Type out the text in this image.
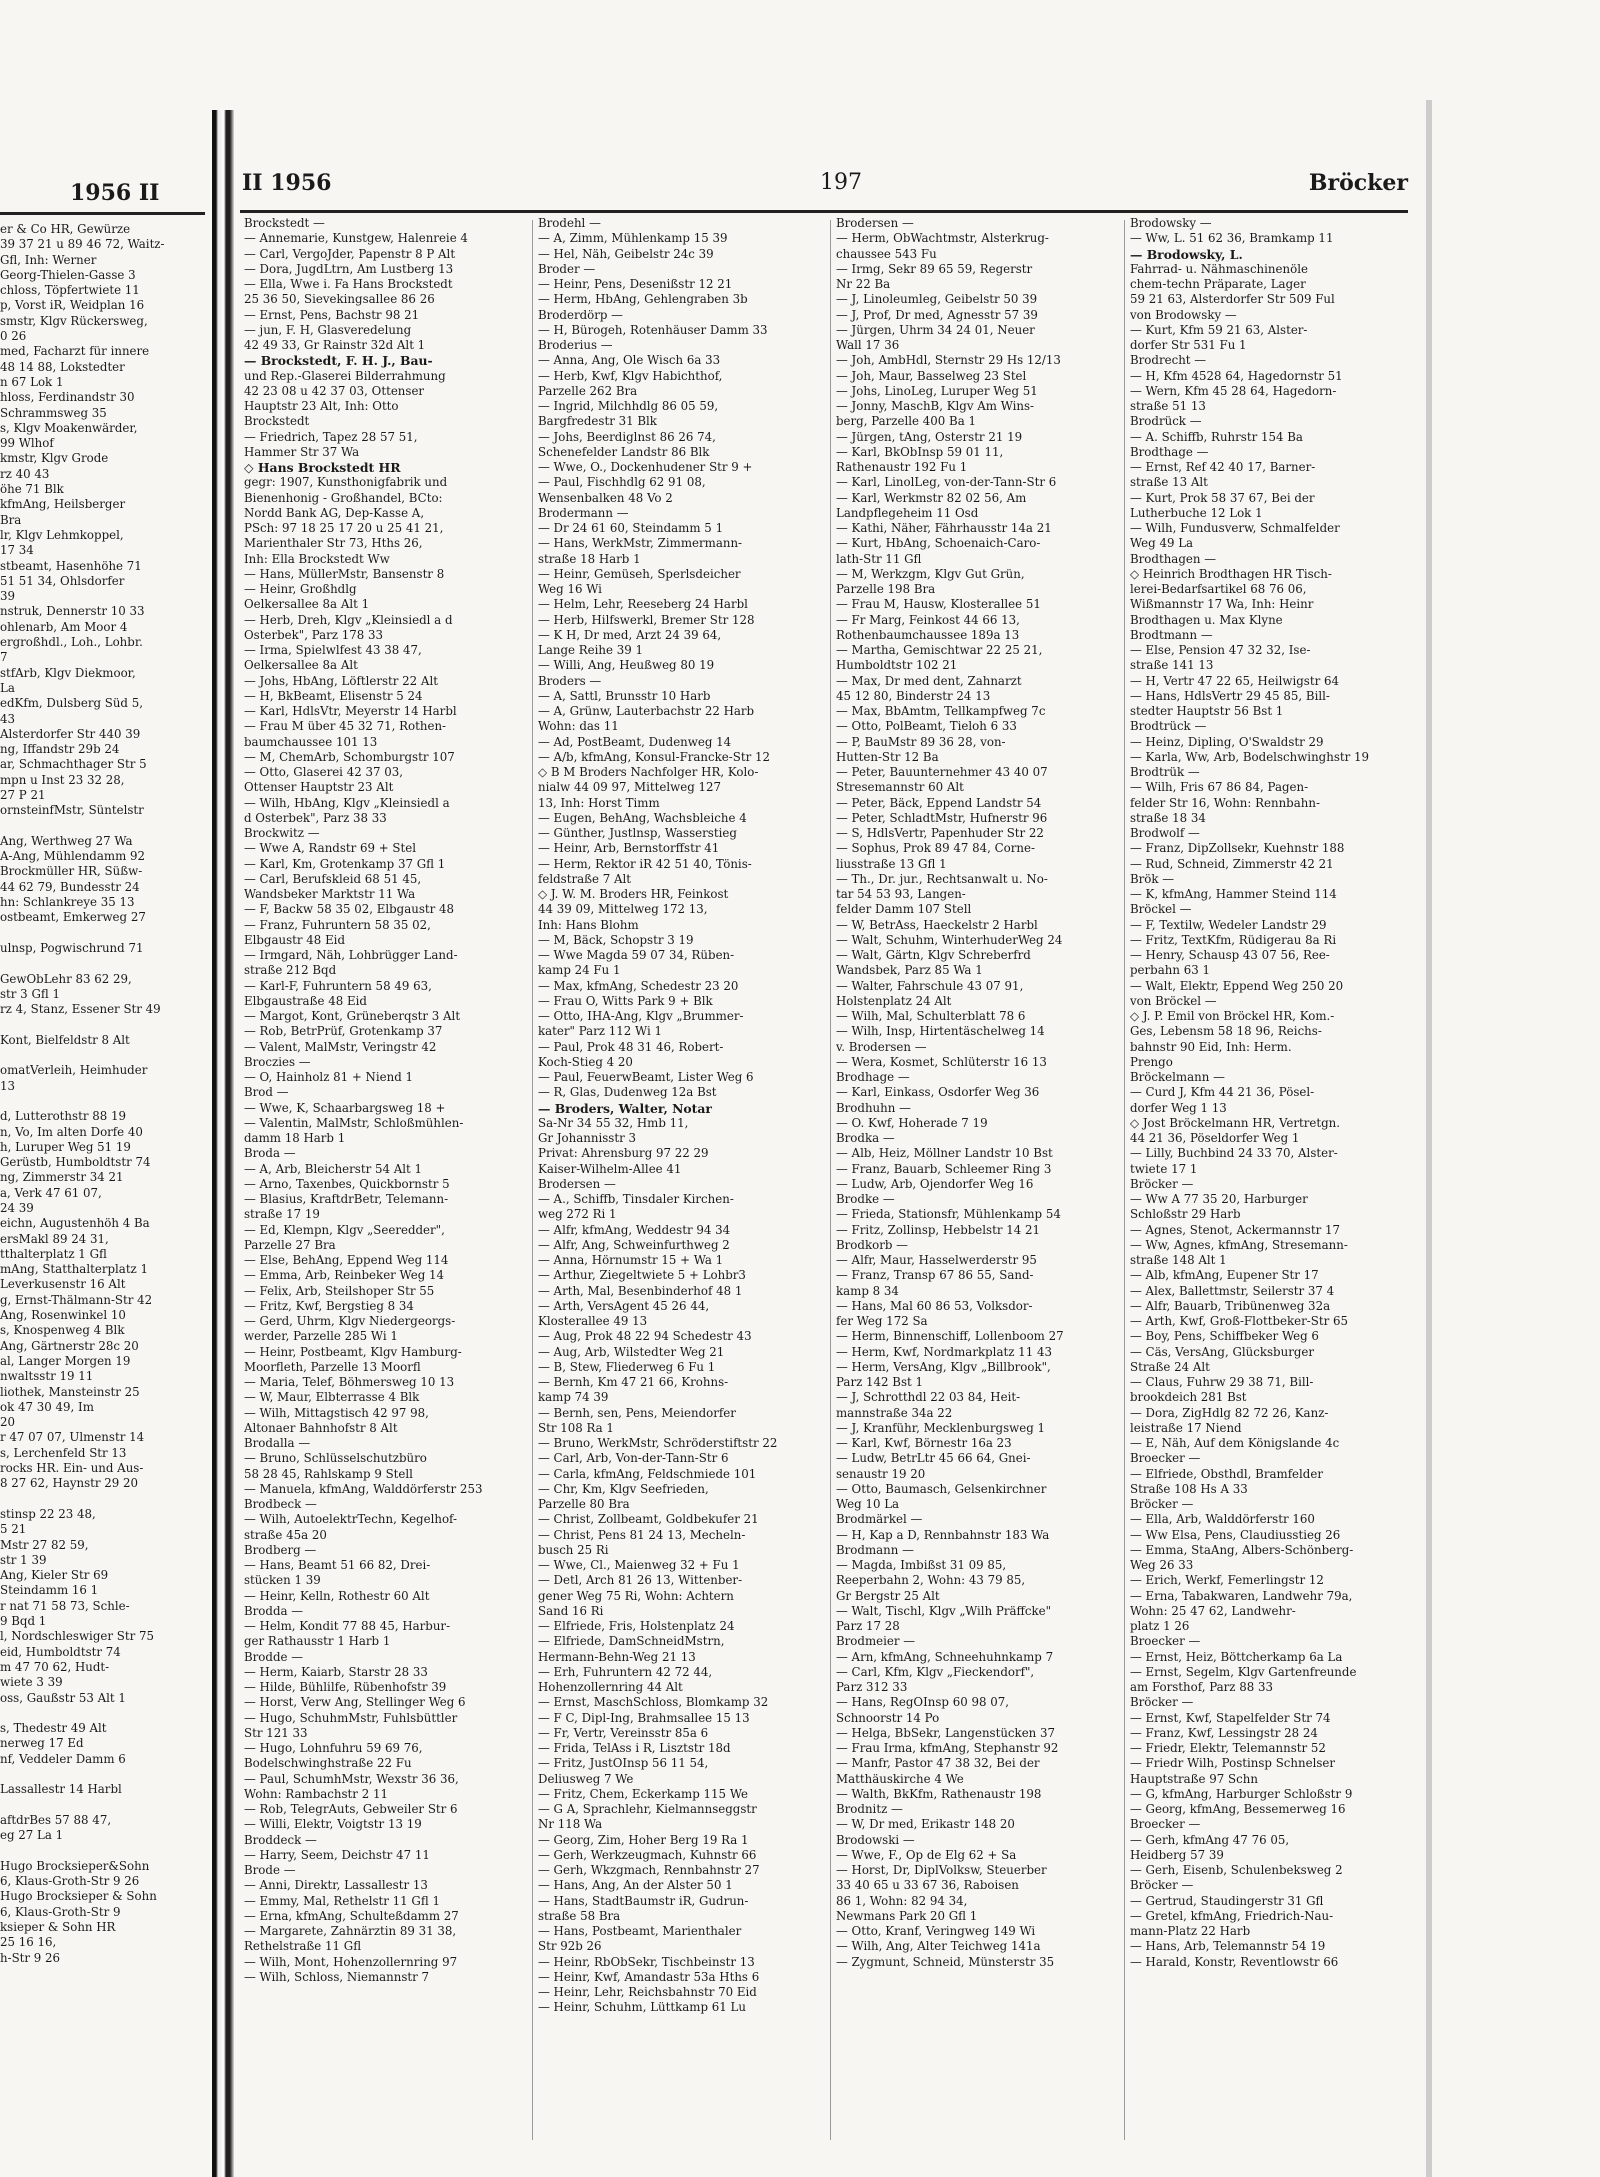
1956 II
er & Co HR, Gewürze
39 37 21 u 89 46 72, Waitz-
Gfl, Inh: Werner
Georg-Thielen-Gasse 3
chloss, Töpfertwiete 11
p, Vorst iR, Weidplan 16
smstr, Klgv Rückersweg,
0 26
med, Facharzt für innere
48 14 88, Lokstedter
n 67 Lok 1
hloss, Ferdinandstr 30
Schrammsweg 35
s, Klgv Moakenwärder,
99 Wlhof
kmstr, Klgv Grode
rz 40 43
öhe 71 Blk
kfmAng, Heilsberger
Bra
lr, Klgv Lehmkoppel,
17 34
stbeamt, Hasenhöhe 71
51 51 34, Ohlsdorfer
39
nstruk, Dennerstr 10 33
ohlenarb, Am Moor 4
ergroßhdl., Loh., Lohbr.
7
stfArb, Klgv Diekmoor,
La
edKfm, Dulsberg Süd 5,
43
Alsterdorfer Str 440 39
ng, Iffandstr 29b 24
ar, Schmachthager Str 5
mpn u Inst 23 32 28,
27 P 21
ornsteinfMstr, Süntelstr
Ang, Werthweg 27 Wa
A-Ang, Mühlendamm 92
Brockmüller HR, Süßw-
44 62 79, Bundesstr 24
hn: Schlankreye 35 13
ostbeamt, Emkerweg 27
ulnsp, Pogwischrund 71
GewObLehr 83 62 29,
str 3 Gfl 1
rz 4, Stanz, Essener Str 49
Kont, Bielfeldstr 8 Alt
omatVerleih, Heimhuder
13
d, Lutterothstr 88 19
n, Vo, Im alten Dorfe 40
h, Luruper Weg 51 19
Gerüstb, Humboldtstr 74
ng, Zimmerstr 34 21
a, Verk 47 61 07,
24 39
eichn, Augustenhöh 4 Ba
ersMakl 89 24 31,
tthalterplatz 1 Gfl
mAng, Statthalterplatz 1
Leverkusenstr 16 Alt
g, Ernst-Thälmann-Str 42
Ang, Rosenwinkel 10
s, Knospenweg 4 Blk
Ang, Gärtnerstr 28c 20
al, Langer Morgen 19
nwaltsstr 19 11
liothek, Mansteinstr 25
ok 47 30 49, Im
20
r 47 07 07, Ulmenstr 14
s, Lerchenfeld Str 13
rocks HR. Ein- und Aus-
8 27 62, Haynstr 29 20
stinsp 22 23 48,
5 21
Mstr 27 82 59,
str 1 39
Ang, Kieler Str 69
Steindamm 16 1
r nat 71 58 73, Schle-
9 Bqd 1
l, Nordschleswiger Str 75
eid, Humboldtstr 74
m 47 70 62, Hudt-
wiete 3 39
oss, Gaußstr 53 Alt 1
s, Thedestr 49 Alt
nerweg 17 Ed
nf, Veddeler Damm 6
Lassallestr 14 Harbl
aftdrBes 57 88 47,
eg 27 La 1
Hugo Brocksieper&Sohn
6, Klaus-Groth-Str 9 26
Hugo Brocksieper & Sohn
6, Klaus-Groth-Str 9
ksieper & Sohn HR
25 16 16,
h-Str 9 26
II 1956	197	Bröcker
Brockstedt —
— Annemarie, Kunstgew, Halenreie 4
— Carl, VergoJder, Papenstr 8 P Alt
— Dora, JugdLtrn, Am Lustberg 13
— Ella, Wwe i. Fa Hans Brockstedt
25 36 50, Sievekingsallee 86 26
— Ernst, Pens, Bachstr 98 21
— jun, F. H, Glasveredelung
42 49 33, Gr Rainstr 32d Alt 1
— Brockstedt, F. H. J., Bau-
und Rep.-Glaserei Bilderrahmung
42 23 08 u 42 37 03, Ottenser
Hauptstr 23 Alt, Inh: Otto
Brockstedt
— Friedrich, Tapez 28 57 51,
Hammer Str 37 Wa
◇ Hans Brockstedt HR
gegr: 1907, Kunsthonigfabrik und
Bienenhonig - Großhandel, BCto:
Nordd Bank AG, Dep-Kasse A,
PSch: 97 18 25 17 20 u 25 41 21,
Marienthaler Str 73, Hths 26,
Inh: Ella Brockstedt Ww
— Hans, MüllerMstr, Bansenstr 8
— Heinr, Großhdlg
Oelkersallee 8a Alt 1
— Herb, Dreh, Klgv „Kleinsiedl a d
Osterbek", Parz 178 33
— Irma, Spielwlfest 43 38 47,
Oelkersallee 8a Alt
— Johs, HbAng, Löftlerstr 22 Alt
— H, BkBeamt, Elisenstr 5 24
— Karl, HdlsVtr, Meyerstr 14 Harbl
— Frau M über 45 32 71, Rothen-
baumchaussee 101 13
— M, ChemArb, Schomburgstr 107
— Otto, Glaserei 42 37 03,
Ottenser Hauptstr 23 Alt
— Wilh, HbAng, Klgv „Kleinsiedl a
d Osterbek", Parz 38 33
Brockwitz —
— Wwe A, Randstr 69 + Stel
— Karl, Km, Grotenkamp 37 Gfl 1
— Carl, Berufskleid 68 51 45,
Wandsbeker Marktstr 11 Wa
— F, Backw 58 35 02, Elbgaustr 48
— Franz, Fuhruntern 58 35 02,
Elbgaustr 48 Eid
— Irmgard, Näh, Lohbrügger Land-
straße 212 Bqd
— Karl-F, Fuhruntern 58 49 63,
Elbgaustraße 48 Eid
— Margot, Kont, Grüneberqstr 3 Alt
— Rob, BetrPrüf, Grotenkamp 37
— Valent, MalMstr, Veringstr 42
Broczies —
— O, Hainholz 81 + Niend 1
Brod —
— Wwe, K, Schaarbargsweg 18 +
— Valentin, MalMstr, Schloßmühlen-
damm 18 Harb 1
Broda —
— A, Arb, Bleicherstr 54 Alt 1
— Arno, Taxenbes, Quickbornstr 5
— Blasius, KraftdrBetr, Telemann-
straße 17 19
— Ed, Klempn, Klgv „Seeredder",
Parzelle 27 Bra
— Else, BehAng, Eppend Weg 114
— Emma, Arb, Reinbeker Weg 14
— Felix, Arb, Steilshoper Str 55
— Fritz, Kwf, Bergstieg 8 34
— Gerd, Uhrm, Klgv Niedergeorgs-
werder, Parzelle 285 Wi 1
— Heinr, Postbeamt, Klgv Hamburg-
Moorfleth, Parzelle 13 Moorfl
— Maria, Telef, Böhmersweg 10 13
— W, Maur, Elbterrasse 4 Blk
— Wilh, Mittagstisch 42 97 98,
Altonaer Bahnhofstr 8 Alt
Brodalla —
— Bruno, Schlüsselschutzbüro
58 28 45, Rahlskamp 9 Stell
— Manuela, kfmAng, Walddörferstr 253
Brodbeck —
— Wilh, AutoelektrTechn, Kegelhof-
straße 45a 20
Brodberg —
— Hans, Beamt 51 66 82, Drei-
stücken 1 39
— Heinr, Kelln, Rothestr 60 Alt
Brodda —
— Helm, Kondit 77 88 45, Harbur-
ger Rathausstr 1 Harb 1
Brodde —
— Herm, Kaiarb, Starstr 28 33
— Hilde, Bühlilfe, Rübenhofstr 39
— Horst, Verw Ang, Stellinger Weg 6
— Hugo, SchuhmMstr, Fuhlsbüttler
Str 121 33
— Hugo, Lohnfuhru 59 69 76,
Bodelschwinghstraße 22 Fu
— Paul, SchumhMstr, Wexstr 36 36,
Wohn: Rambachstr 2 11
— Rob, TelegrAuts, Gebweiler Str 6
— Willi, Elektr, Voigtstr 13 19
Broddeck —
— Harry, Seem, Deichstr 47 11
Brode —
— Anni, Direktr, Lassallestr 13
— Emmy, Mal, Rethelstr 11 Gfl 1
— Erna, kfmAng, Schulteßdamm 27
— Margarete, Zahnärztin 89 31 38,
Rethelstraße 11 Gfl
— Wilh, Mont, Hohenzollernring 97
— Wilh, Schloss, Niemannstr 7
Brodehl —
— A, Zimm, Mühlenkamp 15 39
— Hel, Näh, Geibelstr 24c 39
Broder —
— Heinr, Pens, Desenißstr 12 21
— Herm, HbAng, Gehlengraben 3b
Broderdörp —
— H, Bürogeh, Rotenhäuser Damm 33
Broderius —
— Anna, Ang, Ole Wisch 6a 33
— Herb, Kwf, Klgv Habichthof,
Parzelle 262 Bra
— Ingrid, Milchhdlg 86 05 59,
Bargfredestr 31 Blk
— Johs, Beerdiglnst 86 26 74,
Schenefelder Landstr 86 Blk
— Wwe, O., Dockenhudener Str 9 +
— Paul, Fischhdlg 62 91 08,
Wensenbalken 48 Vo 2
Brodermann —
— Dr 24 61 60, Steindamm 5 1
— Hans, WerkMstr, Zimmermann-
straße 18 Harb 1
— Heinr, Gemüseh, Sperlsdeicher
Weg 16 Wi
— Helm, Lehr, Reeseberg 24 Harbl
— Herb, Hilfswerkl, Bremer Str 128
— K H, Dr med, Arzt 24 39 64,
Lange Reihe 39 1
— Willi, Ang, Heußweg 80 19
Broders —
— A, Sattl, Brunsstr 10 Harb
— A, Grünw, Lauterbachstr 22 Harb
Wohn: das 11
— Ad, PostBeamt, Dudenweg 14
— A/b, kfmAng, Konsul-Francke-Str 12
◇ B M Broders Nachfolger HR, Kolo-
nialw 44 09 97, Mittelweg 127
13, Inh: Horst Timm
— Eugen, BehAng, Wachsbleiche 4
— Günther, Justlnsp, Wasserstieg
— Heinr, Arb, Bernstorffstr 41
— Herm, Rektor iR 42 51 40, Tönis-
feldstraße 7 Alt
◇ J. W. M. Broders HR, Feinkost
44 39 09, Mittelweg 172 13,
Inh: Hans Blohm
— M, Bäck, Schopstr 3 19
— Wwe Magda 59 07 34, Rüben-
kamp 24 Fu 1
— Max, kfmAng, Schedestr 23 20
— Frau O, Witts Park 9 + Blk
— Otto, IHA-Ang, Klgv „Brummer-
kater" Parz 112 Wi 1
— Paul, Prok 48 31 46, Robert-
Koch-Stieg 4 20
— Paul, FeuerwBeamt, Lister Weg 6
— R, Glas, Dudenweg 12a Bst
— Broders, Walter, Notar
Sa-Nr 34 55 32, Hmb 11,
Gr Johannisstr 3
Privat: Ahrensburg 97 22 29
Kaiser-Wilhelm-Allee 41
Brodersen —
— A., Schiffb, Tinsdaler Kirchen-
weg 272 Ri 1
— Alfr, kfmAng, Weddestr 94 34
— Alfr, Ang, Schweinfurthweg 2
— Anna, Hörnumstr 15 + Wa 1
— Arthur, Ziegeltwiete 5 + Lohbr3
— Arth, Mal, Besenbinderhof 48 1
— Arth, VersAgent 45 26 44,
Klosterallee 49 13
— Aug, Prok 48 22 94 Schedestr 43
— Aug, Arb, Wilstedter Weg 21
— B, Stew, Fliederweg 6 Fu 1
— Bernh, Km 47 21 66, Krohns-
kamp 74 39
— Bernh, sen, Pens, Meiendorfer
Str 108 Ra 1
— Bruno, WerkMstr, Schröderstiftstr 22
— Carl, Arb, Von-der-Tann-Str 6
— Carla, kfmAng, Feldschmiede 101
— Chr, Km, Klgv Seefrieden,
Parzelle 80 Bra
— Christ, Zollbeamt, Goldbekufer 21
— Christ, Pens 81 24 13, Mecheln-
busch 25 Ri
— Wwe, Cl., Maienweg 32 + Fu 1
— Detl, Arch 81 26 13, Wittenber-
gener Weg 75 Ri, Wohn: Achtern
Sand 16 Ri
— Elfriede, Fris, Holstenplatz 24
— Elfriede, DamSchneidMstrn,
Hermann-Behn-Weg 21 13
— Erh, Fuhruntern 42 72 44,
Hohenzollernring 44 Alt
— Ernst, MaschSchloss, Blomkamp 32
— F C, Dipl-Ing, Brahmsallee 15 13
— Fr, Vertr, Vereinsstr 85a 6
— Frida, TelAss i R, Lisztstr 18d
— Fritz, JustOInsp 56 11 54,
Deliusweg 7 We
— Fritz, Chem, Eckerkamp 115 We
— G A, Sprachlehr, Kielmannseggstr
Nr 118 Wa
— Georg, Zim, Hoher Berg 19 Ra 1
— Gerh, Werkzeugmach, Kuhnstr 66
— Gerh, Wkzgmach, Rennbahnstr 27
— Hans, Ang, An der Alster 50 1
— Hans, StadtBaumstr iR, Gudrun-
straße 58 Bra
— Hans, Postbeamt, Marienthaler
Str 92b 26
— Heinr, RbObSekr, Tischbeinstr 13
— Heinr, Kwf, Amandastr 53a Hths 6
— Heinr, Lehr, Reichsbahnstr 70 Eid
— Heinr, Schuhm, Lüttkamp 61 Lu
Brodersen —
— Herm, ObWachtmstr, Alsterkrug-
chaussee 543 Fu
— Irmg, Sekr 89 65 59, Regerstr
Nr 22 Ba
— J, Linoleumleg, Geibelstr 50 39
— J, Prof, Dr med, Agnesstr 57 39
— Jürgen, Uhrm 34 24 01, Neuer
Wall 17 36
— Joh, AmbHdl, Sternstr 29 Hs 12/13
— Joh, Maur, Basselweg 23 Stel
— Johs, LinoLeg, Luruper Weg 51
— Jonny, MaschB, Klgv Am Wins-
berg, Parzelle 400 Ba 1
— Jürgen, tAng, Osterstr 21 19
— Karl, BkObInsp 59 01 11,
Rathenaustr 192 Fu 1
— Karl, LinolLeg, von-der-Tann-Str 6
— Karl, Werkmstr 82 02 56, Am
Landpflegeheim 11 Osd
— Kathi, Näher, Fährhausstr 14a 21
— Kurt, HbAng, Schoenaich-Caro-
lath-Str 11 Gfl
— M, Werkzgm, Klgv Gut Grün,
Parzelle 198 Bra
— Frau M, Hausw, Klosterallee 51
— Fr Marg, Feinkost 44 66 13,
Rothenbaumchaussee 189a 13
— Martha, Gemischtwar 22 25 21,
Humboldtstr 102 21
— Max, Dr med dent, Zahnarzt
45 12 80, Binderstr 24 13
— Max, BbAmtm, Tellkampfweg 7c
— Otto, PolBeamt, Tieloh 6 33
— P, BauMstr 89 36 28, von-
Hutten-Str 12 Ba
— Peter, Bauunternehmer 43 40 07
Stresemannstr 60 Alt
— Peter, Bäck, Eppend Landstr 54
— Peter, SchladtMstr, Hufnerstr 96
— S, HdlsVertr, Papenhuder Str 22
— Sophus, Prok 89 47 84, Corne-
liusstraße 13 Gfl 1
— Th., Dr. jur., Rechtsanwalt u. No-
tar 54 53 93, Langen-
felder Damm 107 Stell
— W, BetrAss, Haeckelstr 2 Harbl
— Walt, Schuhm, WinterhuderWeg 24
— Walt, Gärtn, Klgv Schreberfrd
Wandsbek, Parz 85 Wa 1
— Walter, Fahrschule 43 07 91,
Holstenplatz 24 Alt
— Wilh, Mal, Schulterblatt 78 6
— Wilh, Insp, Hirtentäschelweg 14
v. Brodersen —
— Wera, Kosmet, Schlüterstr 16 13
Brodhage —
— Karl, Einkass, Osdorfer Weg 36
Brodhuhn —
— O. Kwf, Hoherade 7 19
Brodka —
— Alb, Heiz, Möllner Landstr 10 Bst
— Franz, Bauarb, Schleemer Ring 3
— Ludw, Arb, Ojendorfer Weg 16
Brodke —
— Frieda, Stationsfr, Mühlenkamp 54
— Fritz, Zollinsp, Hebbelstr 14 21
Brodkorb —
— Alfr, Maur, Hasselwerderstr 95
— Franz, Transp 67 86 55, Sand-
kamp 8 34
— Hans, Mal 60 86 53, Volksdor-
fer Weg 172 Sa
— Herm, Binnenschiff, Lollenboom 27
— Herm, Kwf, Nordmarkplatz 11 43
— Herm, VersAng, Klgv „Billbrook",
Parz 142 Bst 1
— J, Schrotthdl 22 03 84, Heit-
mannstraße 34a 22
— J, Kranführ, Mecklenburgsweg 1
— Karl, Kwf, Börnestr 16a 23
— Ludw, BetrLtr 45 66 64, Gnei-
senaustr 19 20
— Otto, Baumasch, Gelsenkirchner
Weg 10 La
Brodmärkel —
— H, Kap a D, Rennbahnstr 183 Wa
Brodmann —
— Magda, Imbißst 31 09 85,
Reeperbahn 2, Wohn: 43 79 85,
Gr Bergstr 25 Alt
— Walt, Tischl, Klgv „Wilh Präffcke"
Parz 17 28
Brodmeier —
— Arn, kfmAng, Schneehuhnkamp 7
— Carl, Kfm, Klgv „Fieckendorf",
Parz 312 33
— Hans, RegOInsp 60 98 07,
Schnoorstr 14 Po
— Helga, BbSekr, Langenstücken 37
— Frau Irma, kfmAng, Stephanstr 92
— Manfr, Pastor 47 38 32, Bei der
Matthäuskirche 4 We
— Walth, BkKfm, Rathenaustr 198
Brodnitz —
— W, Dr med, Erikastr 148 20
Brodowski —
— Wwe, F., Op de Elg 62 + Sa
— Horst, Dr, DiplVolksw, Steuerber
33 40 65 u 33 67 36, Raboisen
86 1, Wohn: 82 94 34,
Newmans Park 20 Gfl 1
— Otto, Kranf, Veringweg 149 Wi
— Wilh, Ang, Alter Teichweg 141a
— Zygmunt, Schneid, Münsterstr 35
Brodowsky —
— Ww, L. 51 62 36, Bramkamp 11
— Brodowsky, L.
Fahrrad- u. Nähmaschinenöle
chem-techn Präparate, Lager
59 21 63, Alsterdorfer Str 509 Ful
von Brodowsky —
— Kurt, Kfm 59 21 63, Alster-
dorfer Str 531 Fu 1
Brodrecht —
— H, Kfm 4528 64, Hagedornstr 51
— Wern, Kfm 45 28 64, Hagedorn-
straße 51 13
Brodrück —
— A. Schiffb, Ruhrstr 154 Ba
Brodthage —
— Ernst, Ref 42 40 17, Barner-
straße 13 Alt
— Kurt, Prok 58 37 67, Bei der
Lutherbuche 12 Lok 1
— Wilh, Fundusverw, Schmalfelder
Weg 49 La
Brodthagen —
◇ Heinrich Brodthagen HR Tisch-
lerei-Bedarfsartikel 68 76 06,
Wißmannstr 17 Wa, Inh: Heinr
Brodthagen u. Max Klyne
Brodtmann —
— Else, Pension 47 32 32, Ise-
straße 141 13
— H, Vertr 47 22 65, Heilwigstr 64
— Hans, HdlsVertr 29 45 85, Bill-
stedter Hauptstr 56 Bst 1
Brodtrück —
— Heinz, Dipling, O'Swaldstr 29
— Karla, Ww, Arb, Bodelschwinghstr 19
Brodtrük —
— Wilh, Fris 67 86 84, Pagen-
felder Str 16, Wohn: Rennbahn-
straße 18 34
Brodwolf —
— Franz, DipZollsekr, Kuehnstr 188
— Rud, Schneid, Zimmerstr 42 21
Brök —
— K, kfmAng, Hammer Steind 114
Bröckel —
— F, Textilw, Wedeler Landstr 29
— Fritz, TextKfm, Rüdigerau 8a Ri
— Henry, Schausp 43 07 56, Ree-
perbahn 63 1
— Walt, Elektr, Eppend Weg 250 20
von Bröckel —
◇ J. P. Emil von Bröckel HR, Kom.-
Ges, Lebensm 58 18 96, Reichs-
bahnstr 90 Eid, Inh: Herm.
Prengo
Bröckelmann —
— Curd J, Kfm 44 21 36, Pösel-
dorfer Weg 1 13
◇ Jost Bröckelmann HR, Vertretgn.
44 21 36, Pöseldorfer Weg 1
— Lilly, Buchbind 24 33 70, Alster-
twiete 17 1
Bröcker —
— Ww A 77 35 20, Harburger
Schloßstr 29 Harb
— Agnes, Stenot, Ackermannstr 17
— Ww, Agnes, kfmAng, Stresemann-
straße 148 Alt 1
— Alb, kfmAng, Eupener Str 17
— Alex, Ballettmstr, Seilerstr 37 4
— Alfr, Bauarb, Tribünenweg 32a
— Arth, Kwf, Groß-Flottbeker-Str 65
— Boy, Pens, Schiffbeker Weg 6
— Cäs, VersAng, Glücksburger
Straße 24 Alt
— Claus, Fuhrw 29 38 71, Bill-
brookdeich 281 Bst
— Dora, ZigHdlg 82 72 26, Kanz-
leistraße 17 Niend
— E, Näh, Auf dem Königslande 4c
Broecker —
— Elfriede, Obsthdl, Bramfelder
Straße 108 Hs A 33
Bröcker —
— Ella, Arb, Walddörferstr 160
— Ww Elsa, Pens, Claudiusstieg 26
— Emma, StaAng, Albers-Schönberg-
Weg 26 33
— Erich, Werkf, Femerlingstr 12
— Erna, Tabakwaren, Landwehr 79a,
Wohn: 25 47 62, Landwehr-
platz 1 26
Broecker —
— Ernst, Heiz, Böttcherkamp 6a La
— Ernst, Segelm, Klgv Gartenfreunde
am Forsthof, Parz 88 33
Bröcker —
— Ernst, Kwf, Stapelfelder Str 74
— Franz, Kwf, Lessingstr 28 24
— Friedr, Elektr, Telemannstr 52
— Friedr Wilh, Postinsp Schnelser
Hauptstraße 97 Schn
— G, kfmAng, Harburger Schloßstr 9
— Georg, kfmAng, Bessemerweg 16
Broecker —
— Gerh, kfmAng 47 76 05,
Heidberg 57 39
— Gerh, Eisenb, Schulenbeksweg 2
Bröcker —
— Gertrud, Staudingerstr 31 Gfl
— Gretel, kfmAng, Friedrich-Nau-
mann-Platz 22 Harb
— Hans, Arb, Telemannstr 54 19
— Harald, Konstr, Reventlowstr 66
